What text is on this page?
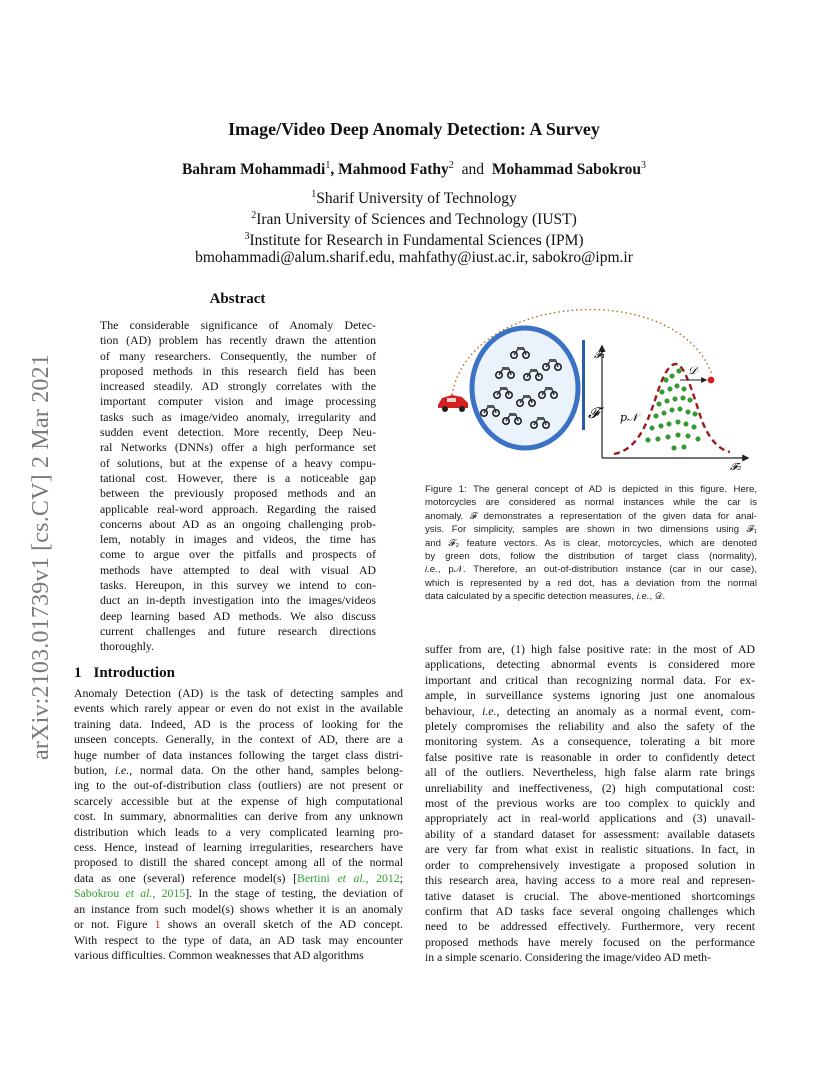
Image/Video Deep Anomaly Detection: A Survey
Bahram Mohammadi$^1$, Mahmood Fathy$^2$ and Mohammad Sabokrou$^3$
$^1$Sharif University of Technology
$^2$Iran University of Sciences and Technology (IUST)
$^3$Institute for Research in Fundamental Sciences (IPM)
bmohammadi@alum.sharif.edu, mahfathy@iust.ac.ir, sabokro@ipm.ir
arXiv:2103.01739v1 [cs.CV] 2 Mar 2021
Abstract
The considerable significance of Anomaly Detec-
tion (AD) problem has recently drawn the attention
of many researchers. Consequently, the number of
proposed methods in this research field has been
increased steadily. AD strongly correlates with the
important computer vision and image processing
tasks such as image/video anomaly, irregularity and
sudden event detection. More recently, Deep Neu-
ral Networks (DNNs) offer a high performance set
of solutions, but at the expense of a heavy compu-
tational cost. However, there is a noticeable gap
between the previously proposed methods and an
applicable real-word approach. Regarding the raised
concerns about AD as an ongoing challenging prob-
lem, notably in images and videos, the time has
come to argue over the pitfalls and prospects of
methods have attempted to deal with visual AD
tasks. Hereupon, in this survey we intend to con-
duct an in-depth investigation into the images/videos
deep learning based AD methods. We also discuss
current challenges and future research directions
thoroughly.
1 Introduction
Anomaly Detection (AD) is the task of detecting samples and
events which rarely appear or even do not exist in the available
training data. Indeed, AD is the process of looking for the
unseen concepts. Generally, in the context of AD, there are a
huge number of data instances following the target class distri-
bution, i.e., normal data. On the other hand, samples belong-
ing to the out-of-distribution class (outliers) are not present or
scarcely accessible but at the expense of high computational
cost. In summary, abnormalities can derive from any unknown
distribution which leads to a very complicated learning pro-
cess. Hence, instead of learning irregularities, researchers have
proposed to distill the shared concept among all of the normal
data as one (several) reference model(s) [Bertini et al., 2012;
Sabokrou et al., 2015]. In the stage of testing, the deviation of
an instance from such model(s) shows whether it is an anomaly
or not. Figure 1 shows an overall sketch of the AD concept.
With respect to the type of data, an AD task may encounter
various difficulties. Common weaknesses that AD algorithms
𝓕
𝓕₁
𝓕₂
p𝒩
𝒟
Figure 1: The general concept of AD is depicted in this figure. Here,
motorcycles are considered as normal instances while the car is
anomaly. 𝓕 demonstrates a representation of the given data for anal-
ysis. For simplicity, samples are shown in two dimensions using 𝓕₁
and 𝓕₂ feature vectors. As is clear, motorcycles, which are denoted
by green dots, follow the distribution of target class (normality),
i.e., p𝒩. Therefore, an out-of-distribution instance (car in our case),
which is represented by a red dot, has a deviation from the normal
data calculated by a specific detection measures, i.e., 𝒟.
suffer from are, (1) high false positive rate: in the most of AD
applications, detecting abnormal events is considered more
important and critical than recognizing normal data. For ex-
ample, in surveillance systems ignoring just one anomalous
behaviour, i.e., detecting an anomaly as a normal event, com-
pletely compromises the reliability and also the safety of the
monitoring system. As a consequence, tolerating a bit more
false positive rate is reasonable in order to confidently detect
all of the outliers. Nevertheless, high false alarm rate brings
unreliability and ineffectiveness, (2) high computational cost:
most of the previous works are too complex to quickly and
appropriately act in real-world applications and (3) unavail-
ability of a standard dataset for assessment: available datasets
are very far from what exist in realistic situations. In fact, in
order to comprehensively investigate a proposed solution in
this research area, having access to a more real and represen-
tative dataset is crucial. The above-mentioned shortcomings
confirm that AD tasks face several ongoing challenges which
need to be addressed effectively. Furthermore, very recent
proposed methods have merely focused on the performance
in a simple scenario. Considering the image/video AD meth-
